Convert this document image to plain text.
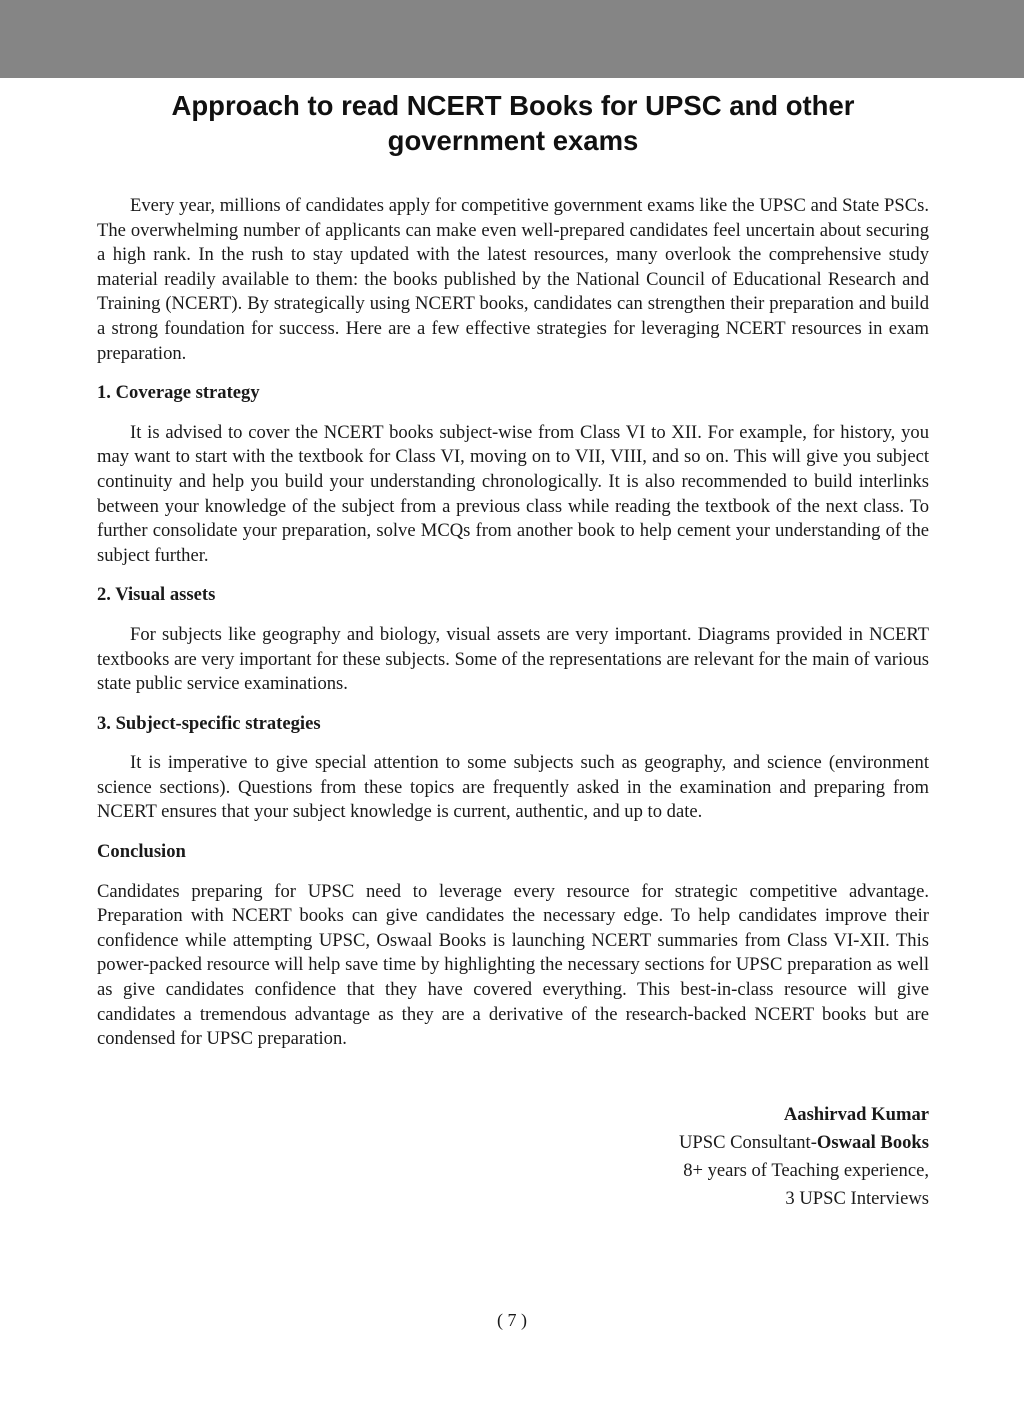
Approach to read NCERT Books for UPSC and other government exams

Every year, millions of candidates apply for competitive government exams like the UPSC and State PSCs. The overwhelming number of applicants can make even well-prepared candidates feel uncertain about securing a high rank. In the rush to stay updated with the latest resources, many overlook the comprehensive study material readily available to them: the books published by the National Council of Educational Research and Training (NCERT). By strategically using NCERT books, candidates can strengthen their preparation and build a strong foundation for success. Here are a few effective strategies for leveraging NCERT resources in exam preparation.

1. Coverage strategy

It is advised to cover the NCERT books subject-wise from Class VI to XII. For example, for history, you may want to start with the textbook for Class VI, moving on to VII, VIII, and so on. This will give you subject continuity and help you build your understanding chronologically. It is also recommended to build interlinks between your knowledge of the subject from a previous class while reading the textbook of the next class. To further consolidate your preparation, solve MCQs from another book to help cement your understanding of the subject further.

2. Visual assets

For subjects like geography and biology, visual assets are very important. Diagrams provided in NCERT textbooks are very important for these subjects. Some of the representations are relevant for the main of various state public service examinations.

3. Subject-specific strategies

It is imperative to give special attention to some subjects such as geography, and science (environment science sections). Questions from these topics are frequently asked in the examination and preparing from NCERT ensures that your subject knowledge is current, authentic, and up to date.

Conclusion

Candidates preparing for UPSC need to leverage every resource for strategic competitive advantage. Preparation with NCERT books can give candidates the necessary edge. To help candidates improve their confidence while attempting UPSC, Oswaal Books is launching NCERT summaries from Class VI-XII. This power-packed resource will help save time by highlighting the necessary sections for UPSC preparation as well as give candidates confidence that they have covered everything. This best-in-class resource will give candidates a tremendous advantage as they are a derivative of the research-backed NCERT books but are condensed for UPSC preparation.

Aashirvad Kumar
UPSC Consultant-Oswaal Books
8+ years of Teaching experience,
3 UPSC Interviews
( 7 )
